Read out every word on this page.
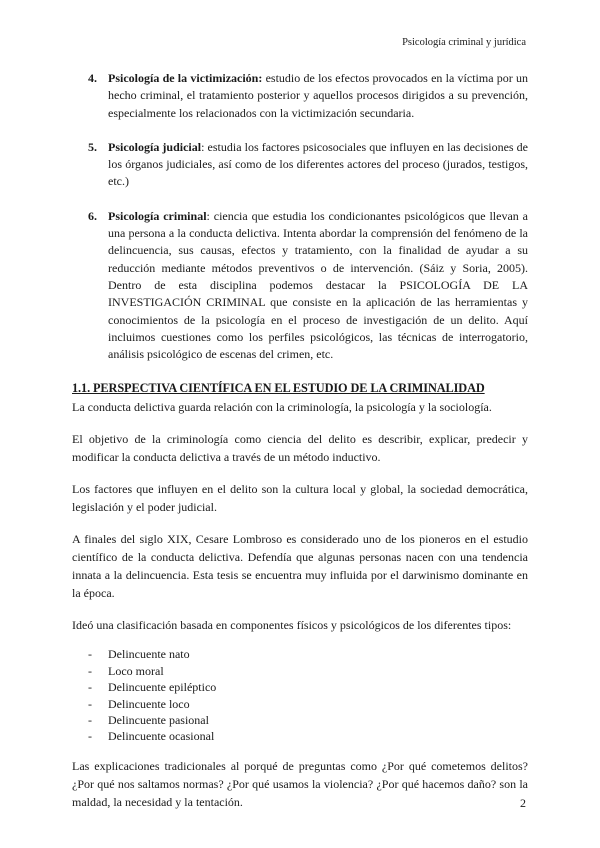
Psicología criminal y jurídica
4. Psicología de la victimización: estudio de los efectos provocados en la víctima por un hecho criminal, el tratamiento posterior y aquellos procesos dirigidos a su prevención, especialmente los relacionados con la victimización secundaria.
5. Psicología judicial: estudia los factores psicosociales que influyen en las decisiones de los órganos judiciales, así como de los diferentes actores del proceso (jurados, testigos, etc.)
6. Psicología criminal: ciencia que estudia los condicionantes psicológicos que llevan a una persona a la conducta delictiva. Intenta abordar la comprensión del fenómeno de la delincuencia, sus causas, efectos y tratamiento, con la finalidad de ayudar a su reducción mediante métodos preventivos o de intervención. (Sáiz y Soria, 2005). Dentro de esta disciplina podemos destacar la PSICOLOGÍA DE LA INVESTIGACIÓN CRIMINAL que consiste en la aplicación de las herramientas y conocimientos de la psicología en el proceso de investigación de un delito. Aquí incluimos cuestiones como los perfiles psicológicos, las técnicas de interrogatorio, análisis psicológico de escenas del crimen, etc.
1.1. PERSPECTIVA CIENTÍFICA EN EL ESTUDIO DE LA CRIMINALIDAD

La conducta delictiva guarda relación con la criminología, la psicología y la sociología.

El objetivo de la criminología como ciencia del delito es describir, explicar, predecir y modificar la conducta delictiva a través de un método inductivo.

Los factores que influyen en el delito son la cultura local y global, la sociedad democrática, legislación y el poder judicial.

A finales del siglo XIX, Cesare Lombroso es considerado uno de los pioneros en el estudio científico de la conducta delictiva. Defendía que algunas personas nacen con una tendencia innata a la delincuencia. Esta tesis se encuentra muy influida por el darwinismo dominante en la época.

Ideó una clasificación basada en componentes físicos y psicológicos de los diferentes tipos:

- Delincuente nato
- Loco moral
- Delincuente epiléptico
- Delincuente loco
- Delincuente pasional
- Delincuente ocasional

Las explicaciones tradicionales al porqué de preguntas como ¿Por qué cometemos delitos? ¿Por qué nos saltamos normas? ¿Por qué usamos la violencia? ¿Por qué hacemos daño? son la maldad, la necesidad y la tentación.	2
